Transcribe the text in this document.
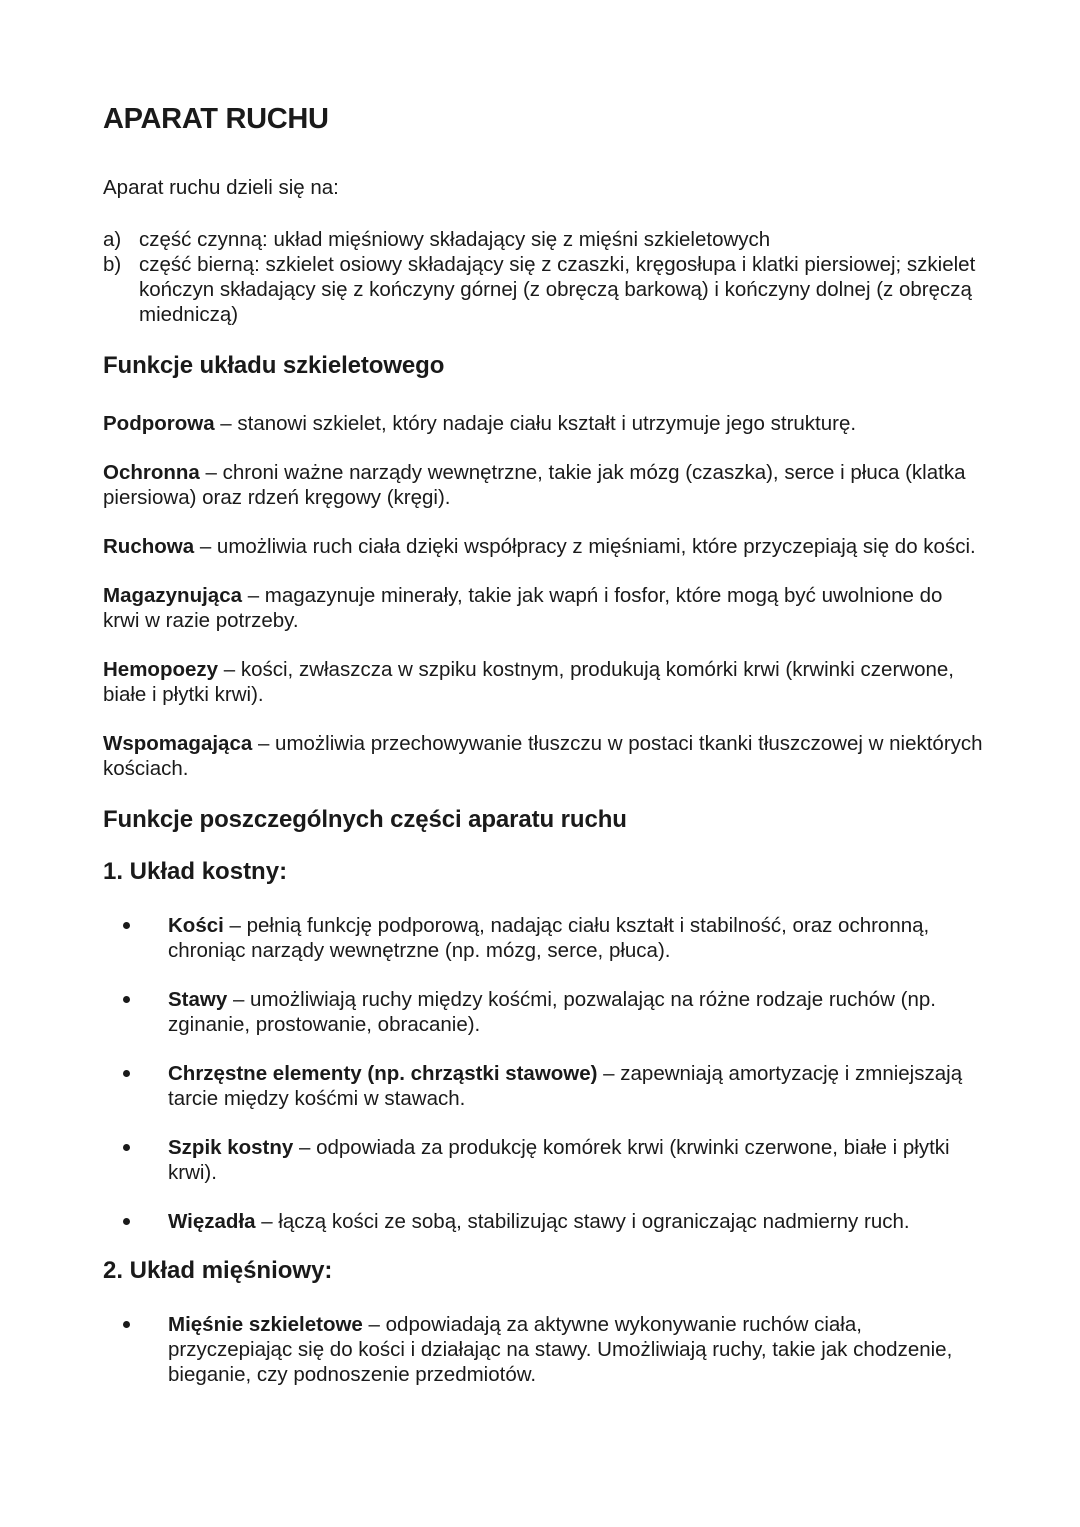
APARAT RUCHU

Aparat ruchu dzieli się na:

a) część czynną: układ mięśniowy składający się z mięśni szkieletowych
b) część bierną: szkielet osiowy składający się z czaszki, kręgosłupa i klatki piersiowej; szkielet kończyn składający się z kończyny górnej (z obręczą barkową) i kończyny dolnej (z obręczą miedniczą)
Funkcje układu szkieletowego

Podporowa – stanowi szkielet, który nadaje ciału kształt i utrzymuje jego strukturę.

Ochronna – chroni ważne narządy wewnętrzne, takie jak mózg (czaszka), serce i płuca (klatka piersiowa) oraz rdzeń kręgowy (kręgi).

Ruchowa – umożliwia ruch ciała dzięki współpracy z mięśniami, które przyczepiają się do kości.

Magazynująca – magazynuje minerały, takie jak wapń i fosfor, które mogą być uwolnione do krwi w razie potrzeby.

Hemopoezy – kości, zwłaszcza w szpiku kostnym, produkują komórki krwi (krwinki czerwone, białe i płytki krwi).

Wspomagająca – umożliwia przechowywanie tłuszczu w postaci tkanki tłuszczowej w niektórych kościach.

Funkcje poszczególnych części aparatu ruchu
1. Układ kostny:
Kości – pełnią funkcję podporową, nadając ciału kształt i stabilność, oraz ochronną, chroniąc narządy wewnętrzne (np. mózg, serce, płuca).
Stawy – umożliwiają ruchy między kośćmi, pozwalając na różne rodzaje ruchów (np. zginanie, prostowanie, obracanie).
Chrzęstne elementy (np. chrząstki stawowe) – zapewniają amortyzację i zmniejszają tarcie między kośćmi w stawach.
Szpik kostny – odpowiada za produkcję komórek krwi (krwinki czerwone, białe i płytki krwi).
Więzadła – łączą kości ze sobą, stabilizując stawy i ograniczając nadmierny ruch.
2. Układ mięśniowy:
Mięśnie szkieletowe – odpowiadają za aktywne wykonywanie ruchów ciała, przyczepiając się do kości i działając na stawy. Umożliwiają ruchy, takie jak chodzenie, bieganie, czy podnoszenie przedmiotów.
